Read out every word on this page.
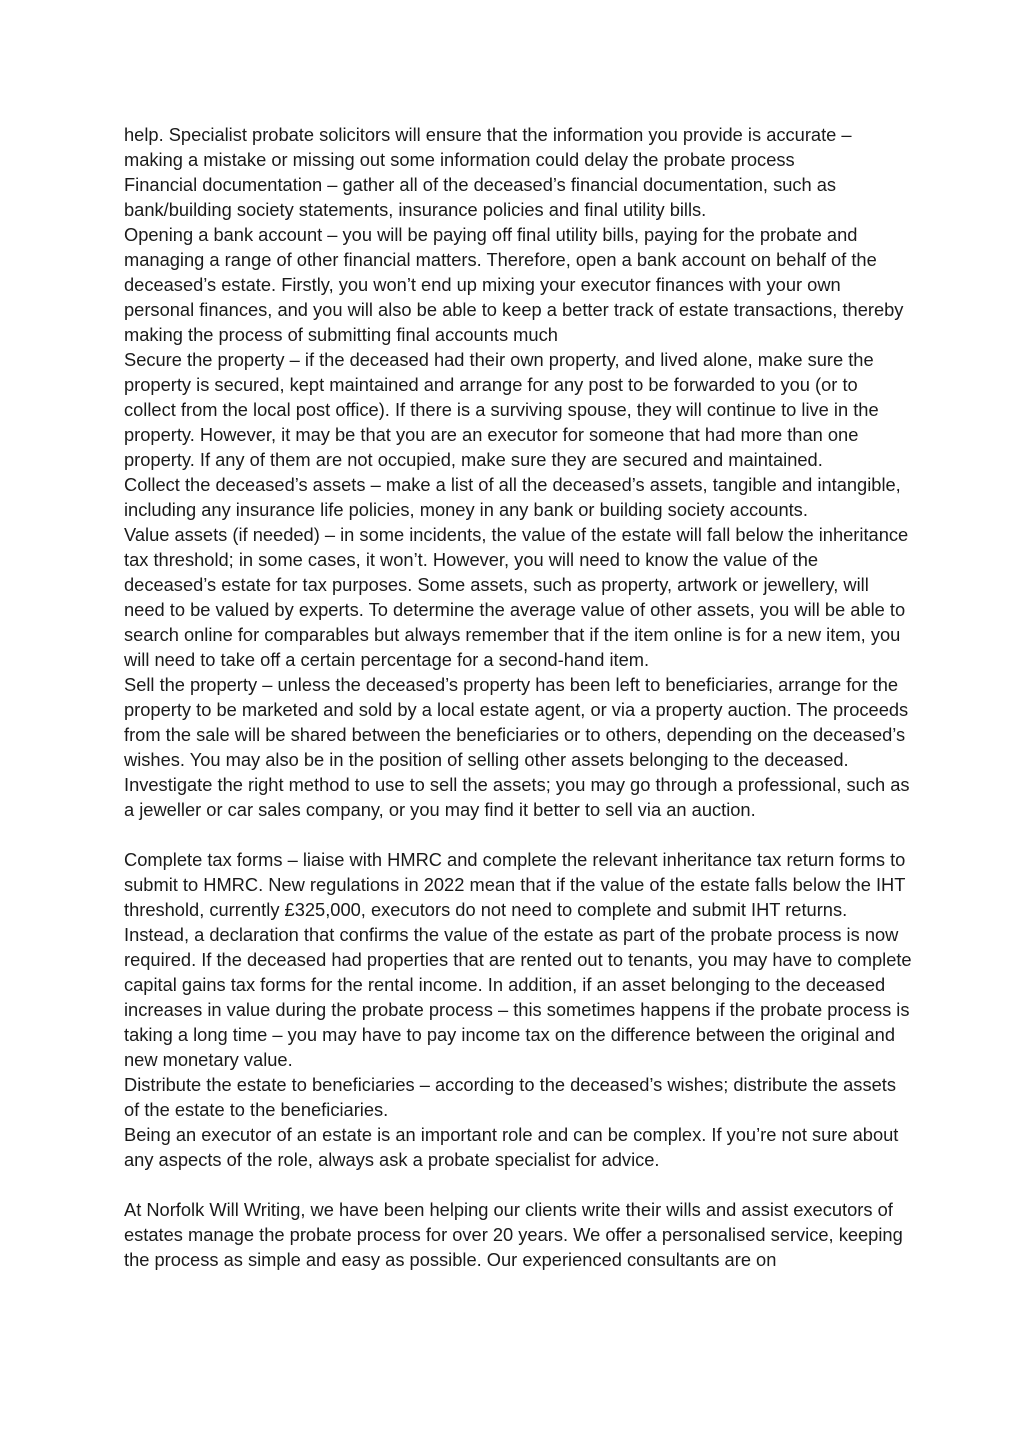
help. Specialist probate solicitors will ensure that the information you provide is accurate – making a mistake or missing out some information could delay the probate process

Financial documentation – gather all of the deceased’s financial documentation, such as bank/building society statements, insurance policies and final utility bills.

Opening a bank account – you will be paying off final utility bills, paying for the probate and managing a range of other financial matters. Therefore, open a bank account on behalf of the deceased’s estate. Firstly, you won’t end up mixing your executor finances with your own personal finances, and you will also be able to keep a better track of estate transactions, thereby making the process of submitting final accounts much

Secure the property – if the deceased had their own property, and lived alone, make sure the property is secured, kept maintained and arrange for any post to be forwarded to you (or to collect from the local post office). If there is a surviving spouse, they will continue to live in the property. However, it may be that you are an executor for someone that had more than one property. If any of them are not occupied, make sure they are secured and maintained.

Collect the deceased’s assets – make a list of all the deceased’s assets, tangible and intangible, including any insurance life policies, money in any bank or building society accounts.

Value assets (if needed) – in some incidents, the value of the estate will fall below the inheritance tax threshold; in some cases, it won’t. However, you will need to know the value of the deceased’s estate for tax purposes. Some assets, such as property, artwork or jewellery, will need to be valued by experts. To determine the average value of other assets, you will be able to search online for comparables but always remember that if the item online is for a new item, you will need to take off a certain percentage for a second-hand item.

Sell the property – unless the deceased’s property has been left to beneficiaries, arrange for the property to be marketed and sold by a local estate agent, or via a property auction. The proceeds from the sale will be shared between the beneficiaries or to others, depending on the deceased’s wishes. You may also be in the position of selling other assets belonging to the deceased. Investigate the right method to use to sell the assets; you may go through a professional, such as a jeweller or car sales company, or you may find it better to sell via an auction.

Complete tax forms – liaise with HMRC and complete the relevant inheritance tax return forms to submit to HMRC. New regulations in 2022 mean that if the value of the estate falls below the IHT threshold, currently £325,000, executors do not need to complete and submit IHT returns. Instead, a declaration that confirms the value of the estate as part of the probate process is now required. If the deceased had properties that are rented out to tenants, you may have to complete capital gains tax forms for the rental income. In addition, if an asset belonging to the deceased increases in value during the probate process – this sometimes happens if the probate process is taking a long time – you may have to pay income tax on the difference between the original and new monetary value.

Distribute the estate to beneficiaries – according to the deceased’s wishes; distribute the assets of the estate to the beneficiaries.

Being an executor of an estate is an important role and can be complex. If you’re not sure about any aspects of the role, always ask a probate specialist for advice.

At Norfolk Will Writing, we have been helping our clients write their wills and assist executors of estates manage the probate process for over 20 years. We offer a personalised service, keeping the process as simple and easy as possible. Our experienced consultants are on
